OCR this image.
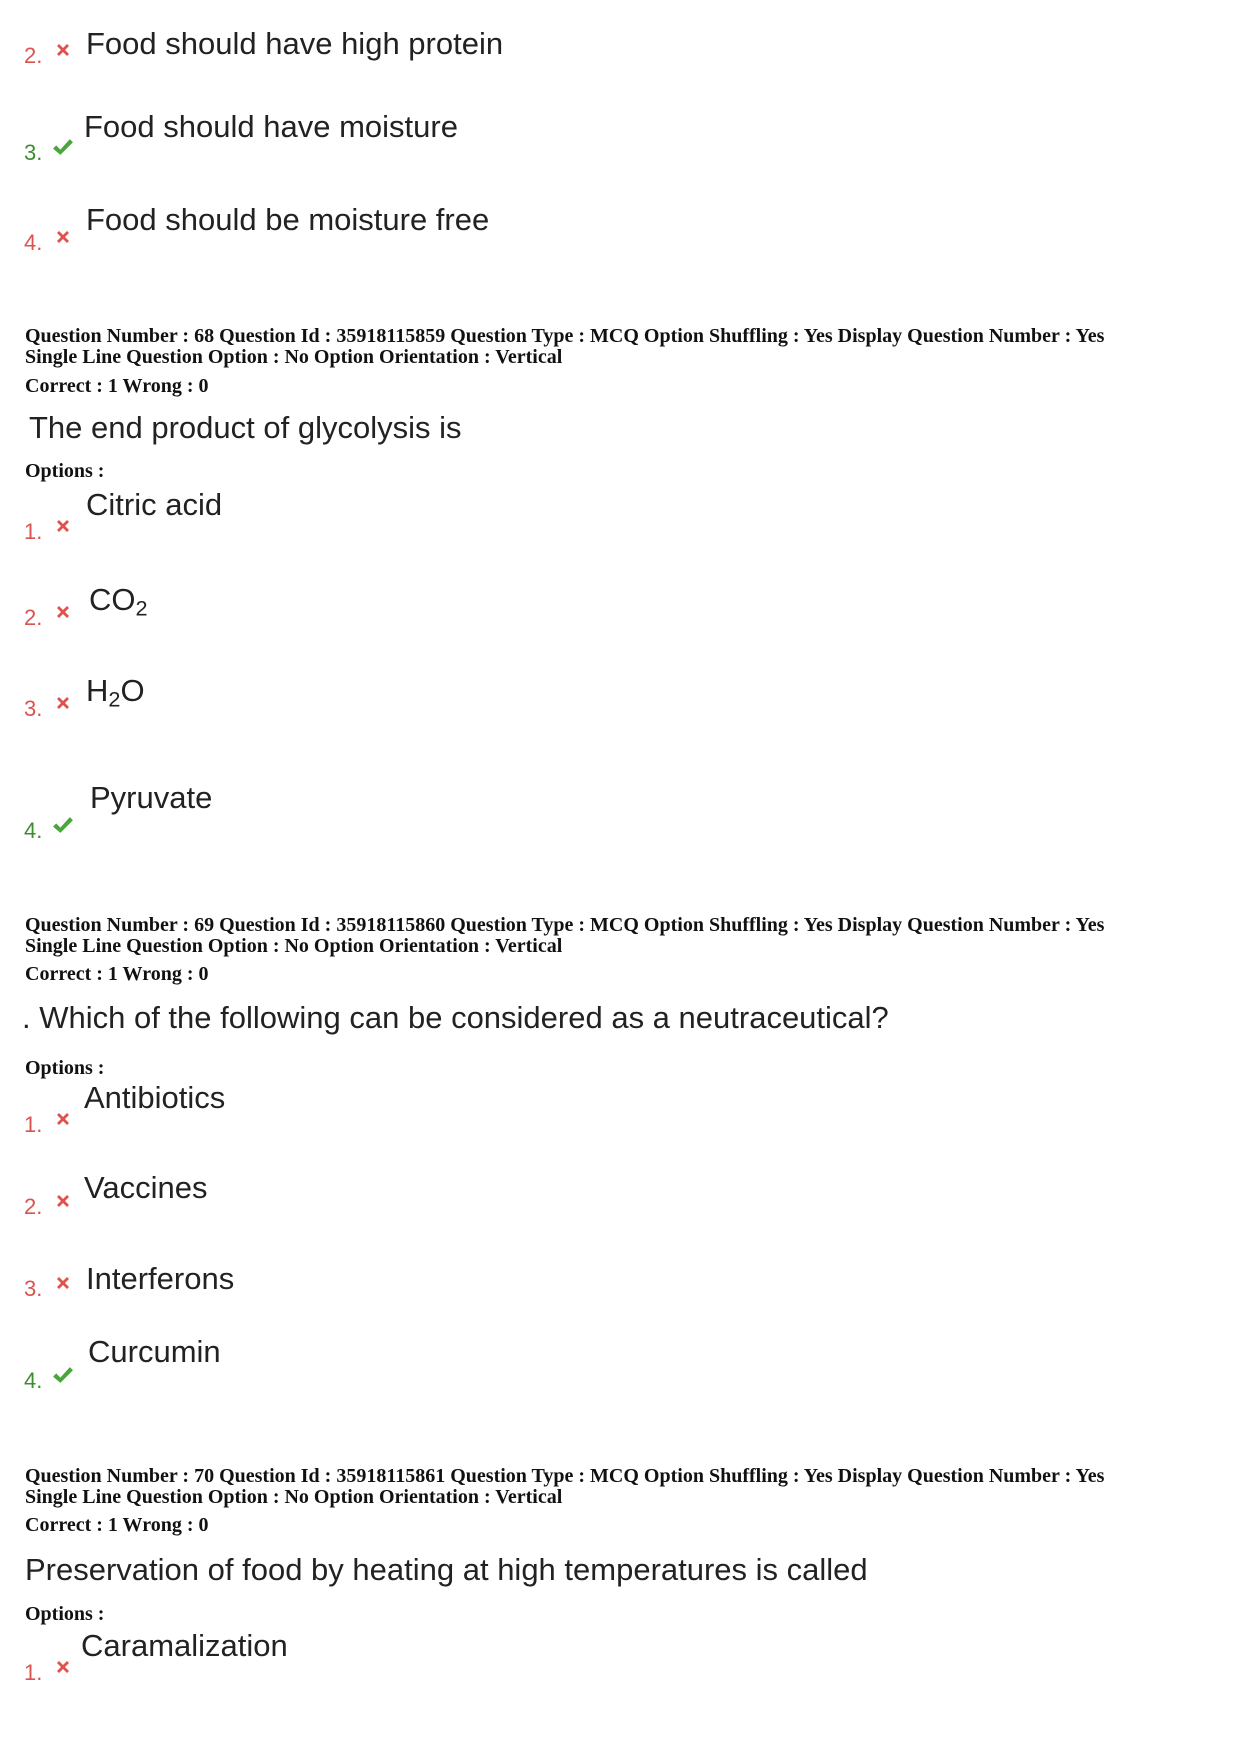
2. Food should have high protein
3.
Food should have moisture
4.
Food should be moisture free
Question Number : 68 Question Id : 35918115859 Question Type : MCQ Option Shuffling : Yes Display Question Number : Yes
Single Line Question Option : No Option Orientation : Vertical
Correct : 1 Wrong : 0
The end product of glycolysis is
Options :
1.
Citric acid
2.
$CO_2$
3.
$H_2O$
4.
Pyruvate
Question Number : 69 Question Id : 35918115860 Question Type : MCQ Option Shuffling : Yes Display Question Number : Yes
Single Line Question Option : No Option Orientation : Vertical
Correct : 1 Wrong : 0
. Which of the following can be considered as a neutraceutical?
Options :
1.
Antibiotics
2.
Vaccines
3. Interferons
4.
Curcumin
Question Number : 70 Question Id : 35918115861 Question Type : MCQ Option Shuffling : Yes Display Question Number : Yes
Single Line Question Option : No Option Orientation : Vertical
Correct : 1 Wrong : 0
Preservation of food by heating at high temperatures is called
Options :
1.
Caramalization
